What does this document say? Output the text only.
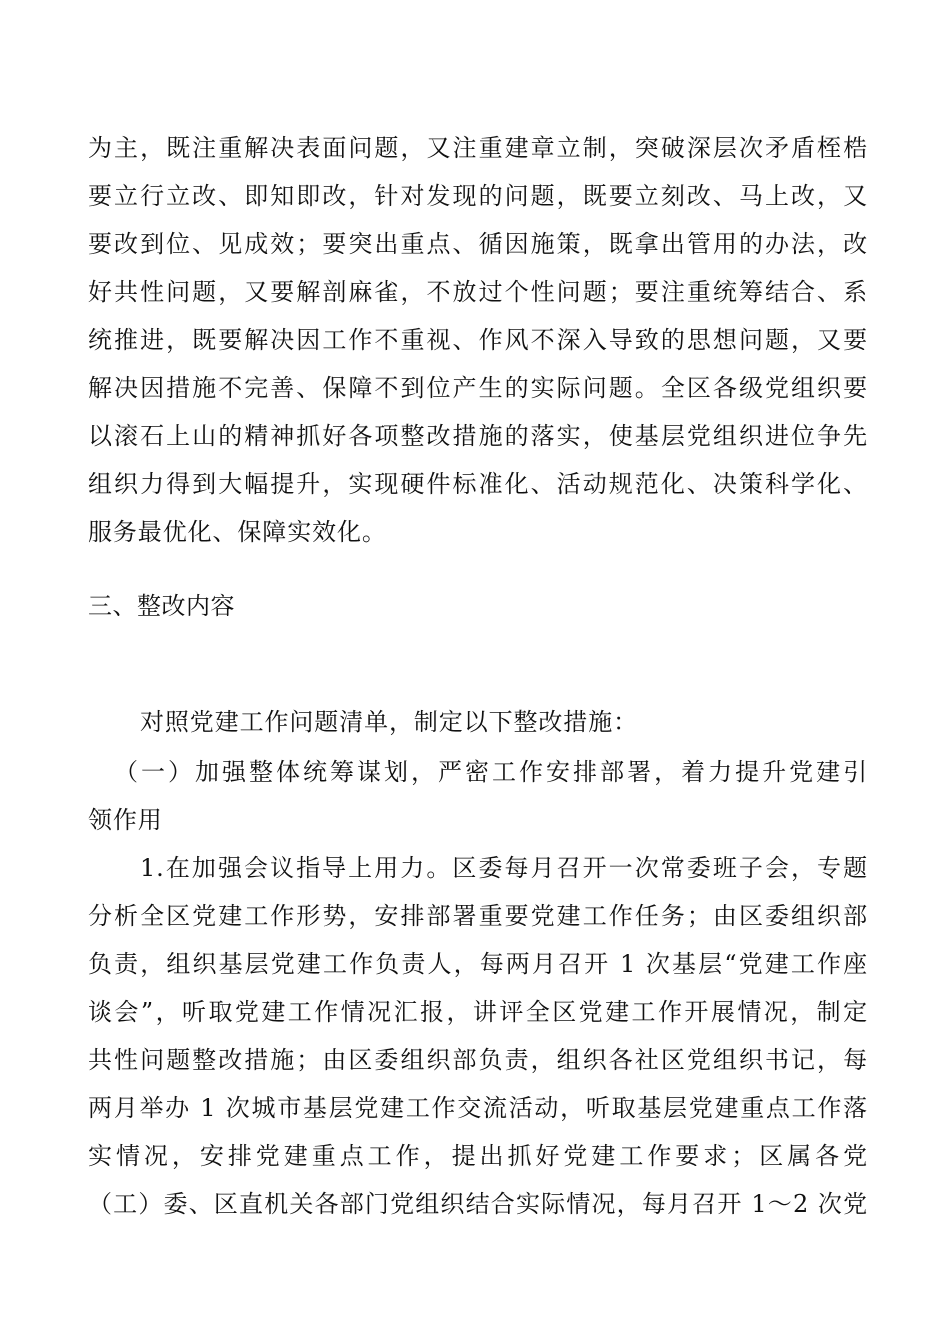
为主，既注重解决表面问题，又注重建章立制，突破深层次矛盾桎梏
要立行立改、即知即改，针对发现的问题，既要立刻改、马上改，又
要改到位、见成效；要突出重点、循因施策，既拿出管用的办法，改
好共性问题，又要解剖麻雀，不放过个性问题；要注重统筹结合、系
统推进，既要解决因工作不重视、作风不深入导致的思想问题，又要
解决因措施不完善、保障不到位产生的实际问题。全区各级党组织要
以滚石上山的精神抓好各项整改措施的落实，使基层党组织进位争先
组织力得到大幅提升，实现硬件标准化、活动规范化、决策科学化、
服务最优化、保障实效化。
三、整改内容
对照党建工作问题清单，制定以下整改措施：
（一）加强整体统筹谋划，严密工作安排部署，着力提升党建引
领作用
1.在加强会议指导上用力。区委每月召开一次常委班子会，专题
分析全区党建工作形势，安排部署重要党建工作任务；由区委组织部
负责，组织基层党建工作负责人，每两月召开 1 次基层“党建工作座
谈会”，听取党建工作情况汇报，讲评全区党建工作开展情况，制定
共性问题整改措施；由区委组织部负责，组织各社区党组织书记，每
两月举办 1 次城市基层党建工作交流活动，听取基层党建重点工作落
实情况，安排党建重点工作，提出抓好党建工作要求；区属各党
（工）委、区直机关各部门党组织结合实际情况，每月召开 1～2 次党
